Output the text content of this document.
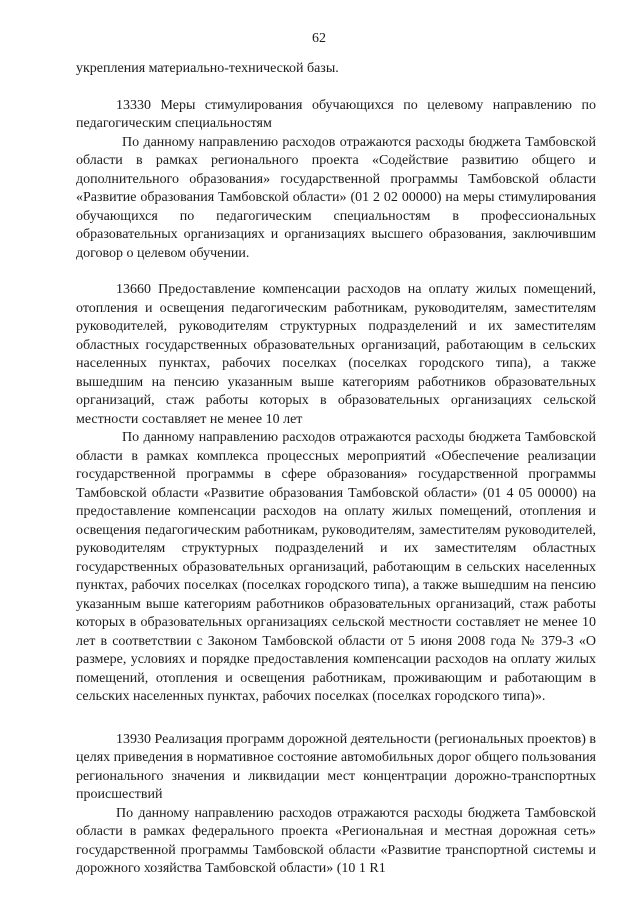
62

укрепления материально-технической базы.

13330 Меры стимулирования обучающихся по целевому направлению по педагогическим специальностям

По данному направлению расходов отражаются расходы бюджета Тамбовской области в рамках регионального проекта «Содействие развитию общего и дополнительного образования» государственной программы Тамбовской области «Развитие образования Тамбовской области» (01 2 02 00000) на меры стимулирования обучающихся по педагогическим специальностям в профессиональных образовательных организациях и организациях высшего образования, заключившим договор о целевом обучении.

13660 Предоставление компенсации расходов на оплату жилых помещений, отопления и освещения педагогическим работникам, руководителям, заместителям руководителей, руководителям структурных подразделений и их заместителям областных государственных образовательных организаций, работающим в сельских населенных пунктах, рабочих поселках (поселках городского типа), а также вышедшим на пенсию указанным выше категориям работников образовательных организаций, стаж работы которых в образовательных организациях сельской местности составляет не менее 10 лет

По данному направлению расходов отражаются расходы бюджета Тамбовской области в рамках комплекса процессных мероприятий «Обеспечение реализации государственной программы в сфере образования» государственной программы Тамбовской области «Развитие образования Тамбовской области» (01 4 05 00000) на предоставление компенсации расходов на оплату жилых помещений, отопления и освещения педагогическим работникам, руководителям, заместителям руководителей, руководителям структурных подразделений и их заместителям областных государственных образовательных организаций, работающим в сельских населенных пунктах, рабочих поселках (поселках городского типа), а также вышедшим на пенсию указанным выше категориям работников образовательных организаций, стаж работы которых в образовательных организациях сельской местности составляет не менее 10 лет в соответствии с Законом Тамбовской области от 5 июня 2008 года № 379-З «О размере, условиях и порядке предоставления компенсации расходов на оплату жилых помещений, отопления и освещения работникам, проживающим и работающим в сельских населенных пунктах, рабочих поселках (поселках городского типа)».

13930 Реализация программ дорожной деятельности (региональных проектов) в целях приведения в нормативное состояние автомобильных дорог общего пользования регионального значения и ликвидации мест концентрации дорожно-транспортных происшествий

По данному направлению расходов отражаются расходы бюджета Тамбовской области в рамках федерального проекта «Региональная и местная дорожная сеть» государственной программы Тамбовской области «Развитие транспортной системы и дорожного хозяйства Тамбовской области» (10 1 R1
